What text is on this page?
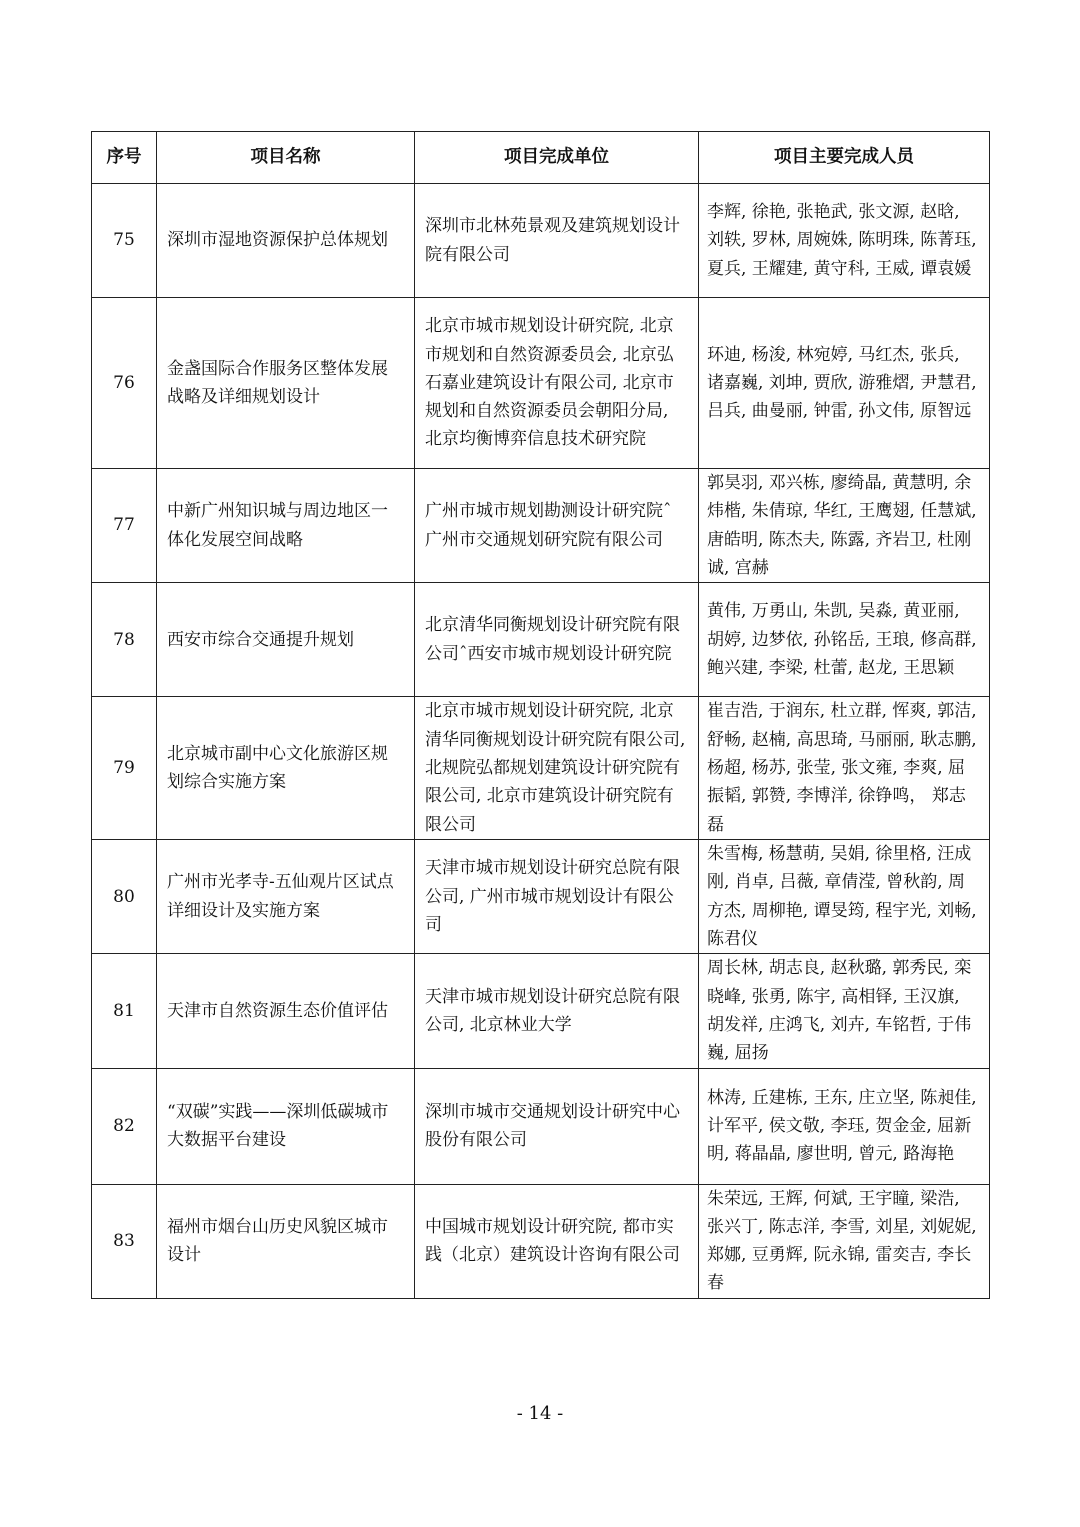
序号	项目名称	项目完成单位	项目主要完成人员
75	深圳市湿地资源保护总体规划	深圳市北林苑景观及建筑规划设计院有限公司	李辉, 徐艳, 张艳武, 张文源, 赵晗, 刘轶, 罗林, 周婉姝, 陈明珠, 陈菁珏, 夏兵, 王耀建, 黄守科, 王威, 谭袁媛
76	金盏国际合作服务区整体发展战略及详细规划设计	北京市城市规划设计研究院, 北京市规划和自然资源委员会, 北京弘石嘉业建筑设计有限公司, 北京市规划和自然资源委员会朝阳分局, 北京均衡博弈信息技术研究院	环迪, 杨浚, 林宛婷, 马红杰, 张兵, 诸嘉巍, 刘坤, 贾欣, 游雅熠, 尹慧君, 吕兵, 曲曼丽, 钟雷, 孙文伟, 原智远
77	中新广州知识城与周边地区一体化发展空间战略	广州市城市规划勘测设计研究院ˆ广州市交通规划研究院有限公司	郭昊羽, 邓兴栋, 廖绮晶, 黄慧明, 余炜楷, 朱倩琼, 华红, 王鹰翅, 任慧斌, 唐皓明, 陈杰夫, 陈露, 齐岩卫, 杜刚诚, 宫赫
78	西安市综合交通提升规划	北京清华同衡规划设计研究院有限公司ˆ西安市城市规划设计研究院	黄伟, 万勇山, 朱凯, 吴淼, 黄亚丽, 胡婷, 边梦依, 孙铭岳, 王琅, 修高群, 鲍兴建, 李梁, 杜蕾, 赵龙, 王思颖
79	北京城市副中心文化旅游区规划综合实施方案	北京市城市规划设计研究院, 北京清华同衡规划设计研究院有限公司, 北规院弘都规划建筑设计研究院有限公司, 北京市建筑设计研究院有限公司	崔吉浩, 于润东, 杜立群, 恽爽, 郭洁, 舒畅, 赵楠, 高思琦, 马丽丽, 耿志鹏, 杨超, 杨苏, 张莹, 张文雍, 李爽, 屈振韬, 郭赞, 李博洋, 徐铮鸣， 郑志磊
80	广州市光孝寺-五仙观片区试点详细设计及实施方案	天津市城市规划设计研究总院有限公司, 广州市城市规划设计有限公司	朱雪梅, 杨慧萌, 吴娟, 徐里格, 汪成刚, 肖卓, 吕薇, 章倩滢, 曾秋韵, 周方杰, 周柳艳, 谭旻筠, 程宇光, 刘畅, 陈君仪
81	天津市自然资源生态价值评估	天津市城市规划设计研究总院有限公司, 北京林业大学	周长林, 胡志良, 赵秋璐, 郭秀民, 栾晓峰, 张勇, 陈宇, 高相铎, 王汉旗, 胡发祥, 庄鸿飞, 刘卉, 车铭哲, 于伟巍, 屈扬
82	“双碳”实践——深圳低碳城市大数据平台建设	深圳市城市交通规划设计研究中心股份有限公司	林涛, 丘建栋, 王东, 庄立坚, 陈昶佳, 计军平, 侯文敬, 李珏, 贺金金, 屈新明, 蒋晶晶, 廖世明, 曾元, 路海艳
83	福州市烟台山历史风貌区城市设计	中国城市规划设计研究院, 都市实践（北京）建筑设计咨询有限公司	朱荣远, 王辉, 何斌, 王宇瞳, 梁浩, 张兴丁, 陈志洋, 李雪, 刘星, 刘妮妮, 郑娜, 豆勇辉, 阮永锦, 雷奕吉, 李长春
- 14 -
